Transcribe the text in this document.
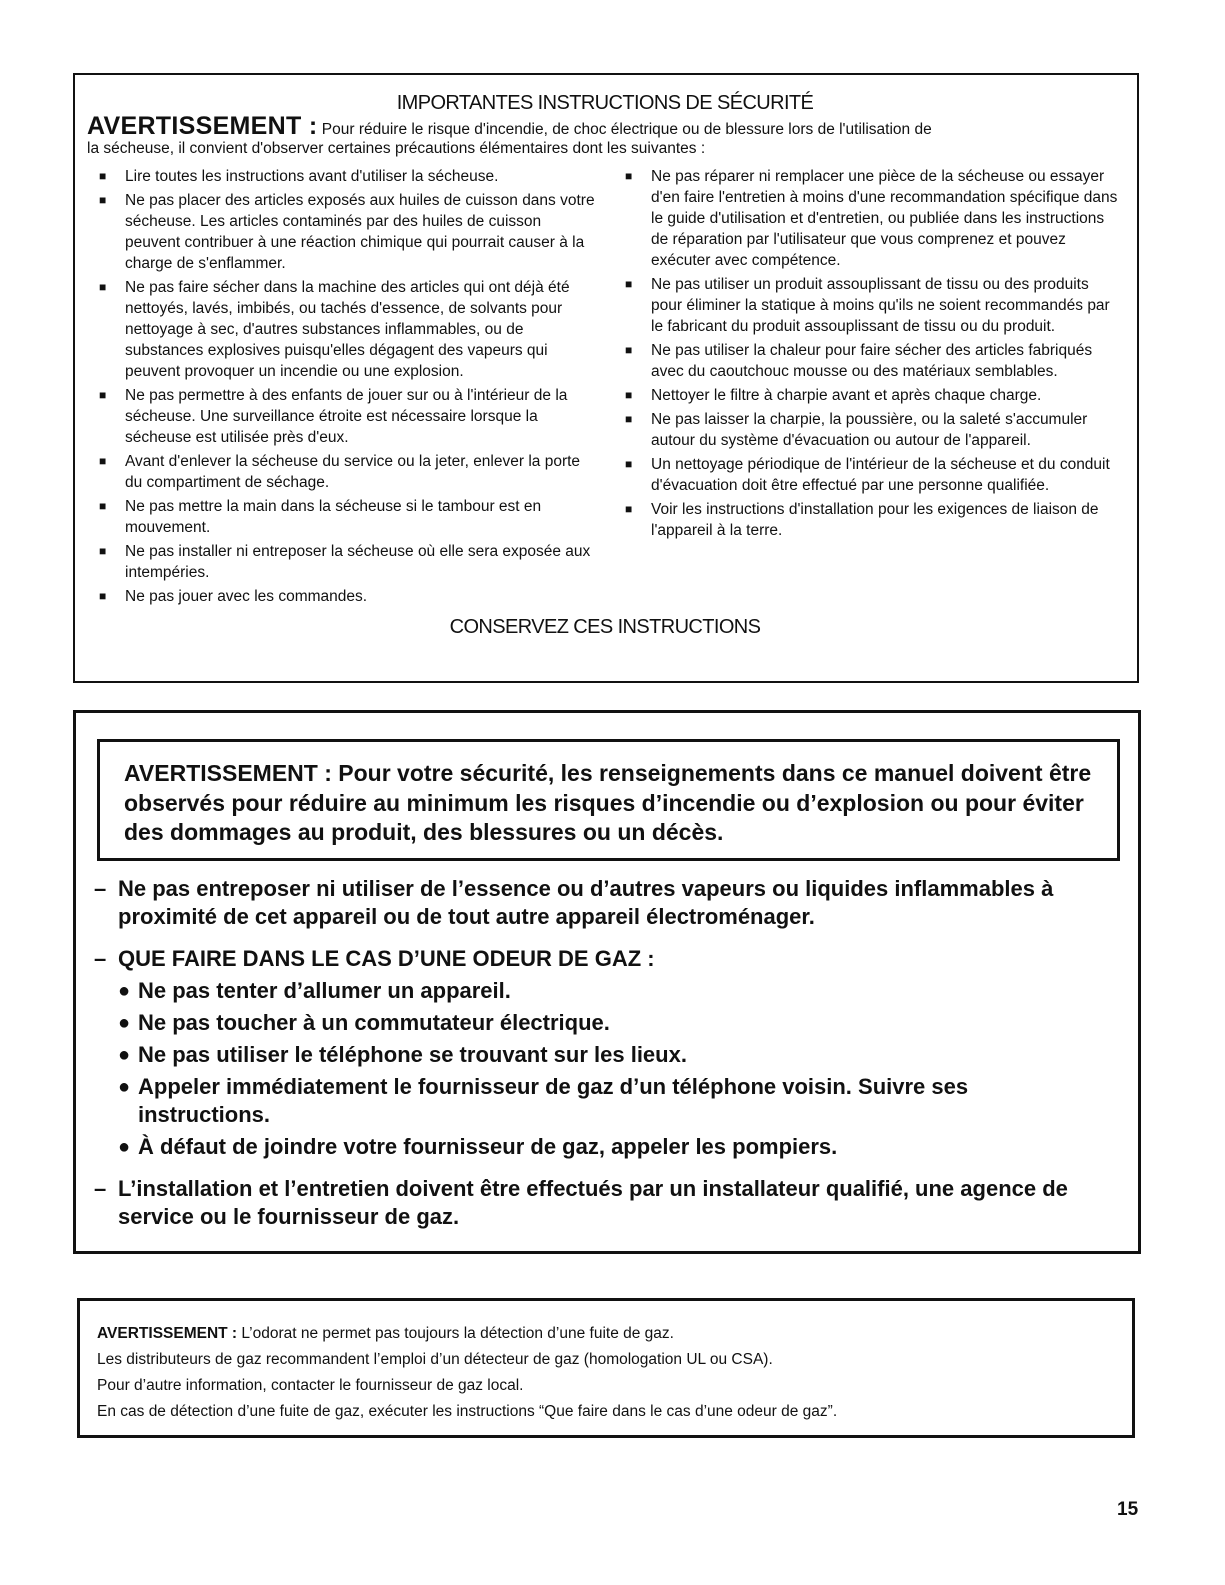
IMPORTANTES INSTRUCTIONS DE SÉCURITÉ

AVERTISSEMENT : Pour réduire le risque d'incendie, de choc électrique ou de blessure lors de l'utilisation de
la sécheuse, il convient d'observer certaines précautions élémentaires dont les suivantes :
■ Lire toutes les instructions avant d'utiliser la sécheuse.
■ Ne pas placer des articles exposés aux huiles de cuisson dans votre sécheuse. Les articles contaminés par des huiles de cuisson peuvent contribuer à une réaction chimique qui pourrait causer à la charge de s'enflammer.
■ Ne pas faire sécher dans la machine des articles qui ont déjà été nettoyés, lavés, imbibés, ou tachés d'essence, de solvants pour nettoyage à sec, d'autres substances inflammables, ou de substances explosives puisqu'elles dégagent des vapeurs qui peuvent provoquer un incendie ou une explosion.
■ Ne pas permettre à des enfants de jouer sur ou à l'intérieur de la sécheuse. Une surveillance étroite est nécessaire lorsque la sécheuse est utilisée près d'eux.
■ Avant d'enlever la sécheuse du service ou la jeter, enlever la porte du compartiment de séchage.
■ Ne pas mettre la main dans la sécheuse si le tambour est en mouvement.
■ Ne pas installer ni entreposer la sécheuse où elle sera exposée aux intempéries.
■ Ne pas jouer avec les commandes.
■ Ne pas réparer ni remplacer une pièce de la sécheuse ou essayer d'en faire l'entretien à moins d'une recommandation spécifique dans le guide d'utilisation et d'entretien, ou publiée dans les instructions de réparation par l'utilisateur que vous comprenez et pouvez exécuter avec compétence.
■ Ne pas utiliser un produit assouplissant de tissu ou des produits pour éliminer la statique à moins qu'ils ne soient recommandés par le fabricant du produit assouplissant de tissu ou du produit.
■ Ne pas utiliser la chaleur pour faire sécher des articles fabriqués avec du caoutchouc mousse ou des matériaux semblables.
■ Nettoyer le filtre à charpie avant et après chaque charge.
■ Ne pas laisser la charpie, la poussière, ou la saleté s'accumuler autour du système d'évacuation ou autour de l'appareil.
■ Un nettoyage périodique de l'intérieur de la sécheuse et du conduit d'évacuation doit être effectué par une personne qualifiée.
■ Voir les instructions d'installation pour les exigences de liaison de l'appareil à la terre.
CONSERVEZ CES INSTRUCTIONS
AVERTISSEMENT : Pour votre sécurité, les renseignements dans ce manuel doivent être observés pour réduire au minimum les risques d’incendie ou d’explosion ou pour éviter des dommages au produit, des blessures ou un décès.
– Ne pas entreposer ni utiliser de l’essence ou d’autres vapeurs ou liquides inflammables à proximité de cet appareil ou de tout autre appareil électroménager.
– QUE FAIRE DANS LE CAS D’UNE ODEUR DE GAZ :
● Ne pas tenter d’allumer un appareil.
● Ne pas toucher à un commutateur électrique.
● Ne pas utiliser le téléphone se trouvant sur les lieux.
● Appeler immédiatement le fournisseur de gaz d’un téléphone voisin. Suivre ses instructions.
● À défaut de joindre votre fournisseur de gaz, appeler les pompiers.
– L’installation et l’entretien doivent être effectués par un installateur qualifié, une agence de service ou le fournisseur de gaz.

AVERTISSEMENT : L’odorat ne permet pas toujours la détection d’une fuite de gaz.

Les distributeurs de gaz recommandent l’emploi d’un détecteur de gaz (homologation UL ou CSA).

Pour d’autre information, contacter le fournisseur de gaz local.

En cas de détection d’une fuite de gaz, exécuter les instructions “Que faire dans le cas d’une odeur de gaz”.

15
